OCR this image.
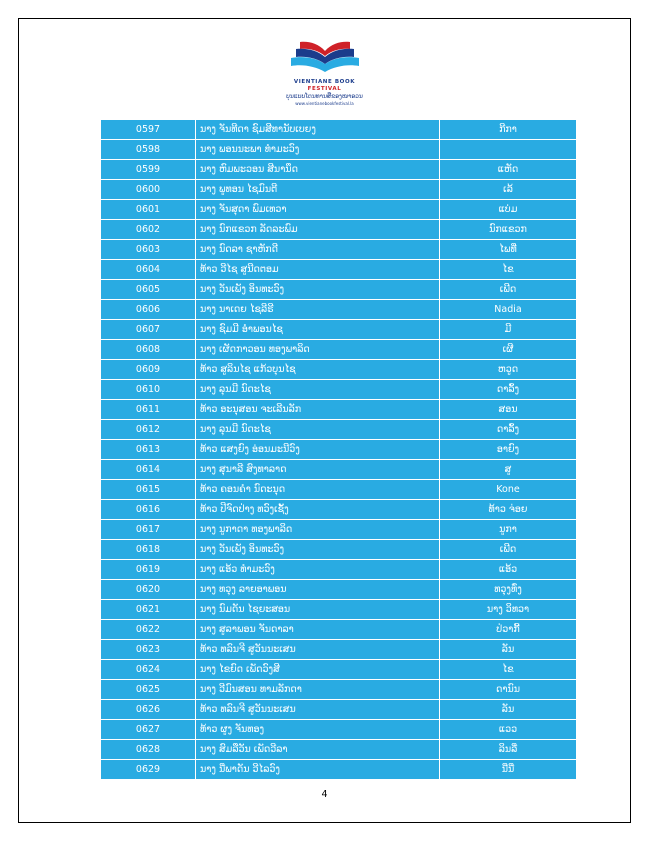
VIENTIANE BOOK
FESTIVAL
ບຸນແບບໂຕນທານສືຂອງໜາອວນ
www.vientianebookfestival.la
0597	ນາງ ຈັນທີດາ ຊົມສີທານັບເບຍງ	ກີກາ
0598	ນາງ ພອນນະພາ ທຳມະວົງ	
0599	ນາງ ຫົມພະວອນ ສີນານຶດ	ແຫັດ
0600	ນາງ ພູທອນ ໄຊມົນຕີ	ເລ້
0601	ນາງ ຈັນສຸດາ ພົມເທວາ	ແບ່ມ
0602	ນາງ ນົກແຂວກ ລັດລະພົມ	ນົກແຂວກ
0603	ນາງ ນົດລາ ຊາຫັກດີ	ໄພທີ່
0604	ທ້າວ ວີໄຊ ສູນີດຕອມ	ໄຂ
0605	ນາງ ວັນເພັງ ອິນທະວົງ	ເພີດ
0606	ນາງ ນາເດຍ ໄຊລີຣີ	Nadia
0607	ນາງ ຊົມມີ ອຳພອນໄຊ	ມີ
0608	ນາງ ເຜັດກາວອນ ທອງພາລິດ	ເຜີ
0609	ທ້າວ ສູລິນໄຊ ແກ້ວບຸນໄຊ	ຫວູດ
0610	ນາງ ລຸນມີ ນົດະໄຊ	ດາລົ້ງ
0611	ທ້າວ ອະນຸສອນ ຈະເລີນລັກ	ສອນ
0612	ນາງ ລຸນມີ ນົດະໄຊ	ດາລົ້ງ
0613	ທ້າວ ແສງຍົງ ອ່ອນມະນີວົງ	ອາຍົງ
0614	ນາງ ສຸນາລີ ສົງທາລາດ	ສູ
0615	ທ້າວ ຄອນຄຳ ນົດະນຸດ	Kone
0616	ທ້າວ ປີຈົດປ່າງ ທວົງເຊັ້ງ	ທ້າວ ຈ່ອຍ
0617	ນາງ ນູກາດາ ທອງພາລິດ	ນູກາ
0618	ນາງ ວັນເພັງ ອິນທະວົງ	ເພີດ
0619	ນາງ ແອ້ວ ທຳມະວົງ	ແອ້ວ
0620	ນາງ ທວຸງ ລາຍອາພອນ	ທວຸງທົ່ງ
0621	ນາງ ນົມດັນ ໄຊຍະສອນ	ນາງ ວິທວາ
0622	ນາງ ສູລາພອນ ຈັນດາລາ	ປ່ວາກີ້
0623	ທ້າວ ທລົນຈີ ສູວັນນະເສນ	ລັນ
0624	ນາງ ໄຂຍົດ ເພັດວົງສີ	ໄຂ
0625	ນາງ ວີມົນສອນ ທາມລັກດາ	ດານົນ
0626	ທ້າວ ທລົນຈີ ສູວັນນະເສນ	ລັນ
0627	ທ້າວ ຜູງ ຈັນທອງ	ແວວ
0628	ນາງ ສົມລືວັນ ເພັດວີລາ	ລິນລີ່
0629	ນາງ ນີ່ພາດັນ ວີໄລວົງ	ນີ່ນີ່
4
